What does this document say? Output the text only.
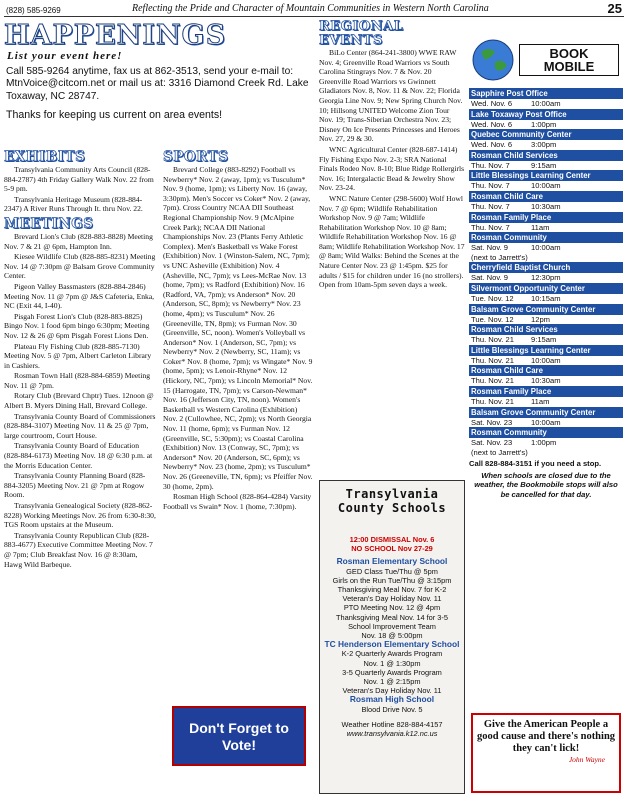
(828) 585-9269	Reflecting the Pride and Character of Mountain Communities in Western North Carolina	25
HAPPENINGS
List your event here!
Call 585-9264 anytime, fax us at 862-3513, send your e-mail to: MtnVoice@citcom.net or mail us at: 3316 Diamond Creek Rd. Lake Toxaway, NC 28747.
Thanks for keeping us current on area events!
EXHIBITS

Transylvania Community Arts Council (828-884-2787) 4th Friday Gallery Walk Nov. 22 from 5-9 pm.

Transylvania Heritage Museum (828-884-2347) A River Runs Through It. thru Nov. 22.

MEETINGS

Brevard Lion's Club (828-883-8828) Meeting Nov. 7 & 21 @ 6pm, Hampton Inn.

Kiesee Wildlife Club (828-885-8231) Meeting Nov. 14 @ 7:30pm @ Balsam Grove Community Center.

Pigeon Valley Bassmasters (828-884-2846) Meeting Nov. 11 @ 7pm @ J&S Cafeteria, Enka, NC (Exit 44, I-40).

Pisgah Forest Lion's Club (828-883-8825) Bingo Nov. 1 food 6pm bingo 6:30pm; Meeting Nov. 12 & 26 @ 6pm Pisgah Forest Lions Den.

Plateau Fly Fishing Club (828-885-7130) Meeting Nov. 5 @ 7pm, Albert Carleton Library in Cashiers.

Rosman Town Hall (828-884-6859) Meeting Nov. 11 @ 7pm.

Rotary Club (Brevard Chptr) Tues. 12noon @ Albert B. Myers Dining Hall, Brevard College.

Transylvania County Board of Commissioners (828-884-3107) Meeting Nov. 11 & 25 @ 7pm, large courtroom, Court House.

Transylvania County Board of Education (828-884-6173) Meeting Nov. 18 @ 6:30 p.m. at the Morris Education Center.

Transylvania County Planning Board (828-884-3205) Meeting Nov. 21 @ 7pm at Rogow Room.

Transylvania Genealogical Society (828-862-8228) Working Meetings Nov. 26 from 6:30-8:30, TGS Room upstairs at the Museum.

Transylvania County Republican Club (828-883-4677) Executive Committee Meeting Nov. 7 @ 7pm; Club Breakfast Nov. 16 @ 8:30am, Hawg Wild Barbeque.

SPORTS

Brevard College (883-8292) Football vs Newberry* Nov. 2 (away, 1pm); vs Tusculum* Nov. 9 (home, 1pm); vs Liberty Nov. 16 (away, 3:30pm). Men's Soccer vs Coker* Nov. 2 (away, 7pm). Cross Country NCAA DII Southeast Regional Championship Nov. 9 (McAlpine Creek Park); NCAA DII National Championships Nov. 23 (Plants Ferry Athletic Complex). Men's Basketball vs Wake Forest (Exhibition) Nov. 1 (Winston-Salem, NC, 7pm); vs UNC Asheville (Exhibition) Nov. 4 (Asheville, NC, 7pm); vs Lees-McRae Nov. 13 (home, 7pm); vs Radford (Exhibition) Nov. 16 (Radford, VA, 7pm); vs Anderson* Nov. 20 (Anderson, SC, 8pm); vs Newberry* Nov. 23 (home, 4pm); vs Tusculum* Nov. 26 (Greeneville, TN, 8pm); vs Furman Nov. 30 (Greenville, SC, noon). Women's Volleyball vs Anderson* Nov. 1 (Anderson, SC, 7pm); vs Newberry* Nov. 2 (Newberry, SC, 11am); vs Coker* Nov. 8 (home, 7pm); vs Wingate* Nov. 9 (home, 5pm); vs Lenoir-Rhyne* Nov. 12 (Hickory, NC, 7pm); vs Lincoln Memorial* Nov. 15 (Harrogate, TN, 7pm); vs Carson-Newman* Nov. 16 (Jefferson City, TN, noon). Women's Basketball vs Western Carolina (Exhibition) Nov. 2 (Cullowhee, NC, 2pm); vs North Georgia Nov. 11 (home, 6pm); vs Furman Nov. 12 (Greenville, SC, 5:30pm); vs Coastal Carolina (Exhibition) Nov. 13 (Conway, SC, 7pm); vs Anderson* Nov. 20 (Anderson, SC, 6pm); vs Newberry* Nov. 23 (home, 2pm); vs Tusculum* Nov. 26 (Greeneville, TN, 6pm); vs Pfeiffer Nov. 30 (home, 2pm).

Rosman High School (828-864-4284) Varsity Football vs Swain* Nov. 1 (home, 7:30pm).

Don't Forget to Vote!
REGIONAL EVENTS

BiLo Center (864-241-3800) WWE RAW Nov. 4; Greenville Road Warriors vs South Carolina Stingrays Nov. 7 & Nov. 20 Greenville Road Warriors vs Gwinnett Gladiators Nov. 8, Nov. 11 & Nov. 22; Florida Georgia Line Nov. 9; New Spring Church Nov. 10; Hillsong UNITED Welcome Zion Tour Nov. 19; Trans-Siberian Orchestra Nov. 23; Disney On Ice Presents Princesses and Heroes Nov. 27, 29 & 30.

WNC Agricultural Center (828-687-1414) Fly Fishing Expo Nov. 2-3; SRA National Finals Rodeo Nov. 8-10; Blue Ridge Rollergirls Nov. 16; Intergalactic Bead & Jewelry Show Nov. 23-24.

WNC Nature Center (298-5600) Wolf Howl Nov. 7 @ 6pm; Wildlife Rehabilitation Workshop Nov. 9 @ 7am; Wildlife Rehabilitation Workshop Nov. 10 @ 8am; Wildlife Rehabilitation Workshop Nov. 16 @ 8am; Wildlife Rehabilitation Workshop Nov. 17 @ 8am; Wild Walks: Behind the Scenes at the Nature Center Nov. 23 @ 1:45pm. $25 for adults / $15 for children under 16 (no strollers). Open from 10am-5pm seven days a week.

Transylvania County Schools
12:00 DISMISSAL Nov. 6
NO SCHOOL Nov 27-29
Rosman Elementary School

GED Class Tue/Thu @ 5pm

Girls on the Run Tue/Thu @ 3:15pm

Thanksgiving Meal Nov. 7 for K-2

Veteran's Day Holiday Nov. 11

PTO Meeting Nov. 12 @ 4pm

Thanksgiving Meal Nov. 14 for 3-5

School Improvement Team

Nov. 18 @ 5:00pm

TC Henderson Elementary School

K-2 Quarterly Awards Program

Nov. 1 @ 1:30pm

3-5 Quarterly Awards Program

Nov. 1 @ 2:15pm

Veteran's Day Holiday Nov. 11

Rosman High School

Blood Drive Nov. 5

Weather Hotline 828-884-4157
www.transylvania.k12.nc.us
BOOK
MOBILE
Sapphire Post Office
Wed. Nov. 6	10:00am
Lake Toxaway Post Office
Wed. Nov. 6	1:00pm
Quebec Community Center
Wed. Nov. 6	3:00pm
Rosman Child Services
Thu. Nov. 7	9:15am
Little Blessings Learning Center
Thu. Nov. 7	10:00am
Rosman Child Care
Thu. Nov. 7	10:30am
Rosman Family Place
Thu. Nov. 7	11am
Rosman Community
Sat. Nov. 9	10:00am
(next to Jarrett's)
Cherryfield Baptist Church
Sat. Nov. 9	12:30pm
Silvermont Opportunity Center
Tue. Nov. 12	10:15am
Balsam Grove Community Center
Tue. Nov. 12	12pm
Rosman Child Services
Thu. Nov. 21	9:15am
Little Blessings Learning Center
Thu. Nov. 21	10:00am
Rosman Child Care
Thu. Nov. 21	10:30am
Rosman Family Place
Thu. Nov. 21	11am
Balsam Grove Community Center
Sat. Nov. 23	10:00am
Rosman Community
Sat. Nov. 23	1:00pm
(next to Jarrett's)
Call 828-884-3151 if you need a stop.
When schools are closed due to the weather, the Bookmobile stops will also be cancelled for that day.
Give the American People a good cause and there's nothing they can't lick!
John Wayne
